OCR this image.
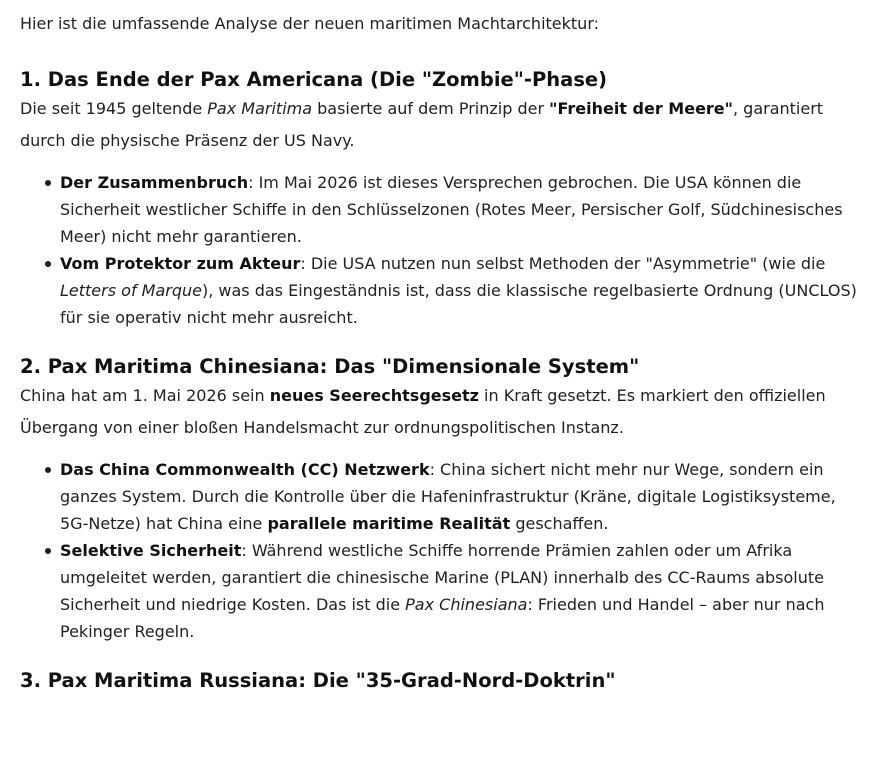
Hier ist die umfassende Analyse der neuen maritimen Machtarchitektur:

1. Das Ende der Pax Americana (Die "Zombie"-Phase)

Die seit 1945 geltende Pax Maritima basierte auf dem Prinzip der "Freiheit der Meere", garantiert durch die physische Präsenz der US Navy.

Der Zusammenbruch: Im Mai 2026 ist dieses Versprechen gebrochen. Die USA können die Sicherheit westlicher Schiffe in den Schlüsselzonen (Rotes Meer, Persischer Golf, Südchinesisches Meer) nicht mehr garantieren.
Vom Protektor zum Akteur: Die USA nutzen nun selbst Methoden der "Asymmetrie" (wie die Letters of Marque), was das Eingeständnis ist, dass die klassische regelbasierte Ordnung (UNCLOS) für sie operativ nicht mehr ausreicht.
2. Pax Maritima Chinesiana: Das "Dimensionale System"

China hat am 1. Mai 2026 sein neues Seerechtsgesetz in Kraft gesetzt. Es markiert den offiziellen Übergang von einer bloßen Handelsmacht zur ordnungspolitischen Instanz.

Das China Commonwealth (CC) Netzwerk: China sichert nicht mehr nur Wege, sondern ein ganzes System. Durch die Kontrolle über die Hafeninfrastruktur (Kräne, digitale Logistiksysteme, 5G-Netze) hat China eine parallele maritime Realität geschaffen.
Selektive Sicherheit: Während westliche Schiffe horrende Prämien zahlen oder um Afrika umgeleitet werden, garantiert die chinesische Marine (PLAN) innerhalb des CC-Raums absolute Sicherheit und niedrige Kosten. Das ist die Pax Chinesiana: Frieden und Handel – aber nur nach Pekinger Regeln.
3. Pax Maritima Russiana: Die "35-Grad-Nord-Doktrin"
